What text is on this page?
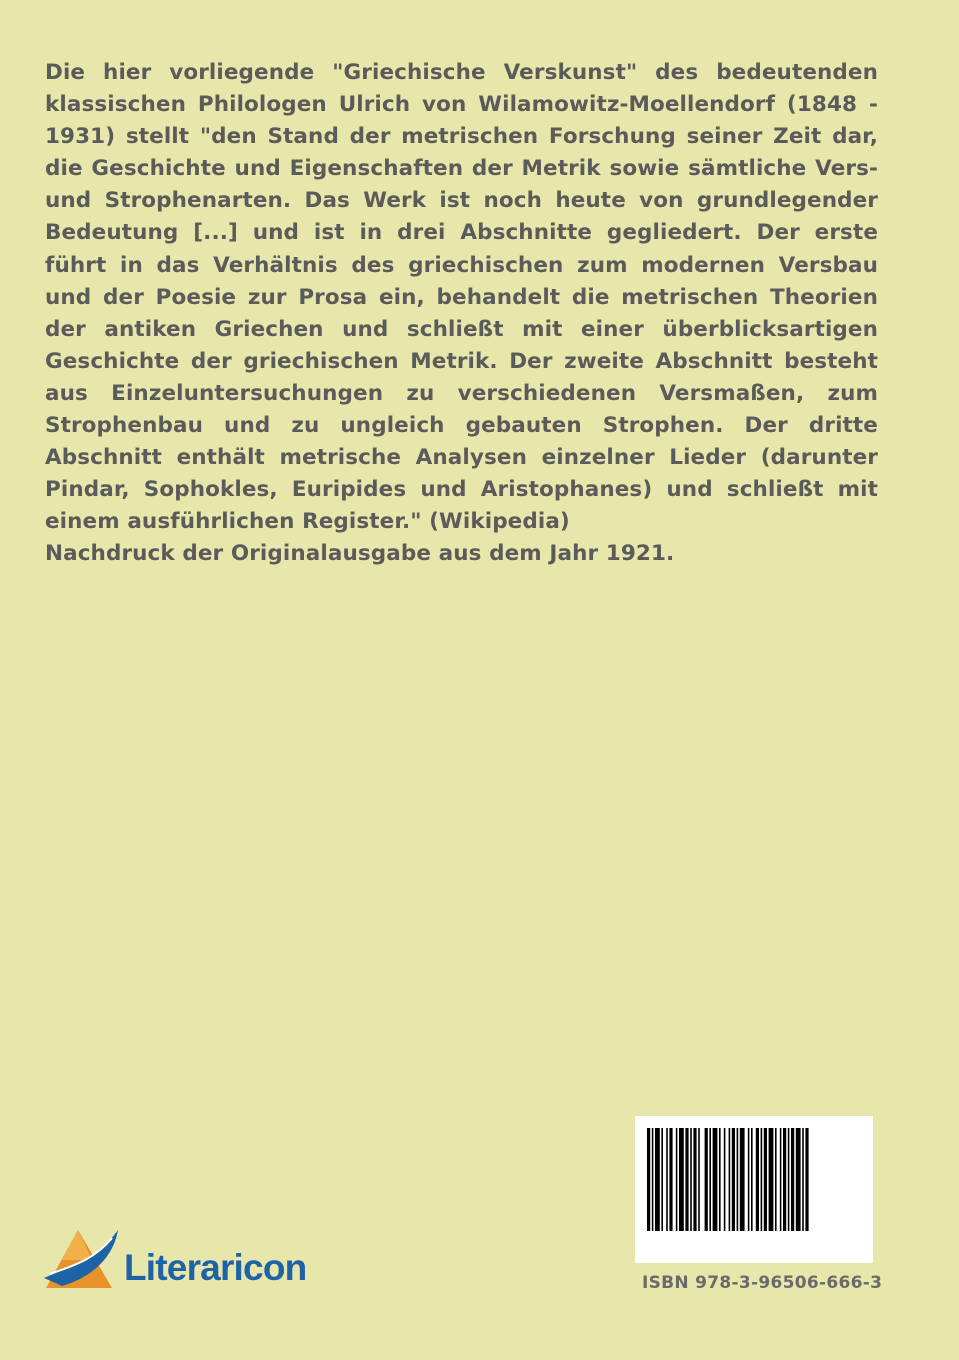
Die hier vorliegende "Griechische Verskunst" des bedeutenden klassischen Philologen Ulrich von Wilamowitz-Moellendorf (1848 - 1931) stellt "den Stand der metrischen Forschung seiner Zeit dar, die Geschichte und Eigenschaften der Metrik sowie sämtliche Vers- und Strophenarten. Das Werk ist noch heute von grundlegender Bedeutung [...] und ist in drei Abschnitte gegliedert. Der erste führt in das Verhältnis des griechischen zum modernen Versbau und der Poesie zur Prosa ein, behandelt die metrischen Theorien der antiken Griechen und schließt mit einer überblicksartigen Geschichte der griechischen Metrik. Der zweite Abschnitt besteht aus Einzeluntersuchungen zu verschiedenen Versmaßen, zum Strophenbau und zu ungleich gebauten Strophen. Der dritte Abschnitt enthält metrische Analysen einzelner Lieder (darunter Pindar, Sophokles, Euripides und Aristophanes) und schließt mit einem ausführlichen Register." (Wikipedia)

Nachdruck der Originalausgabe aus dem Jahr 1921.

ISBN 978-3-96506-666-3
Literaricon
